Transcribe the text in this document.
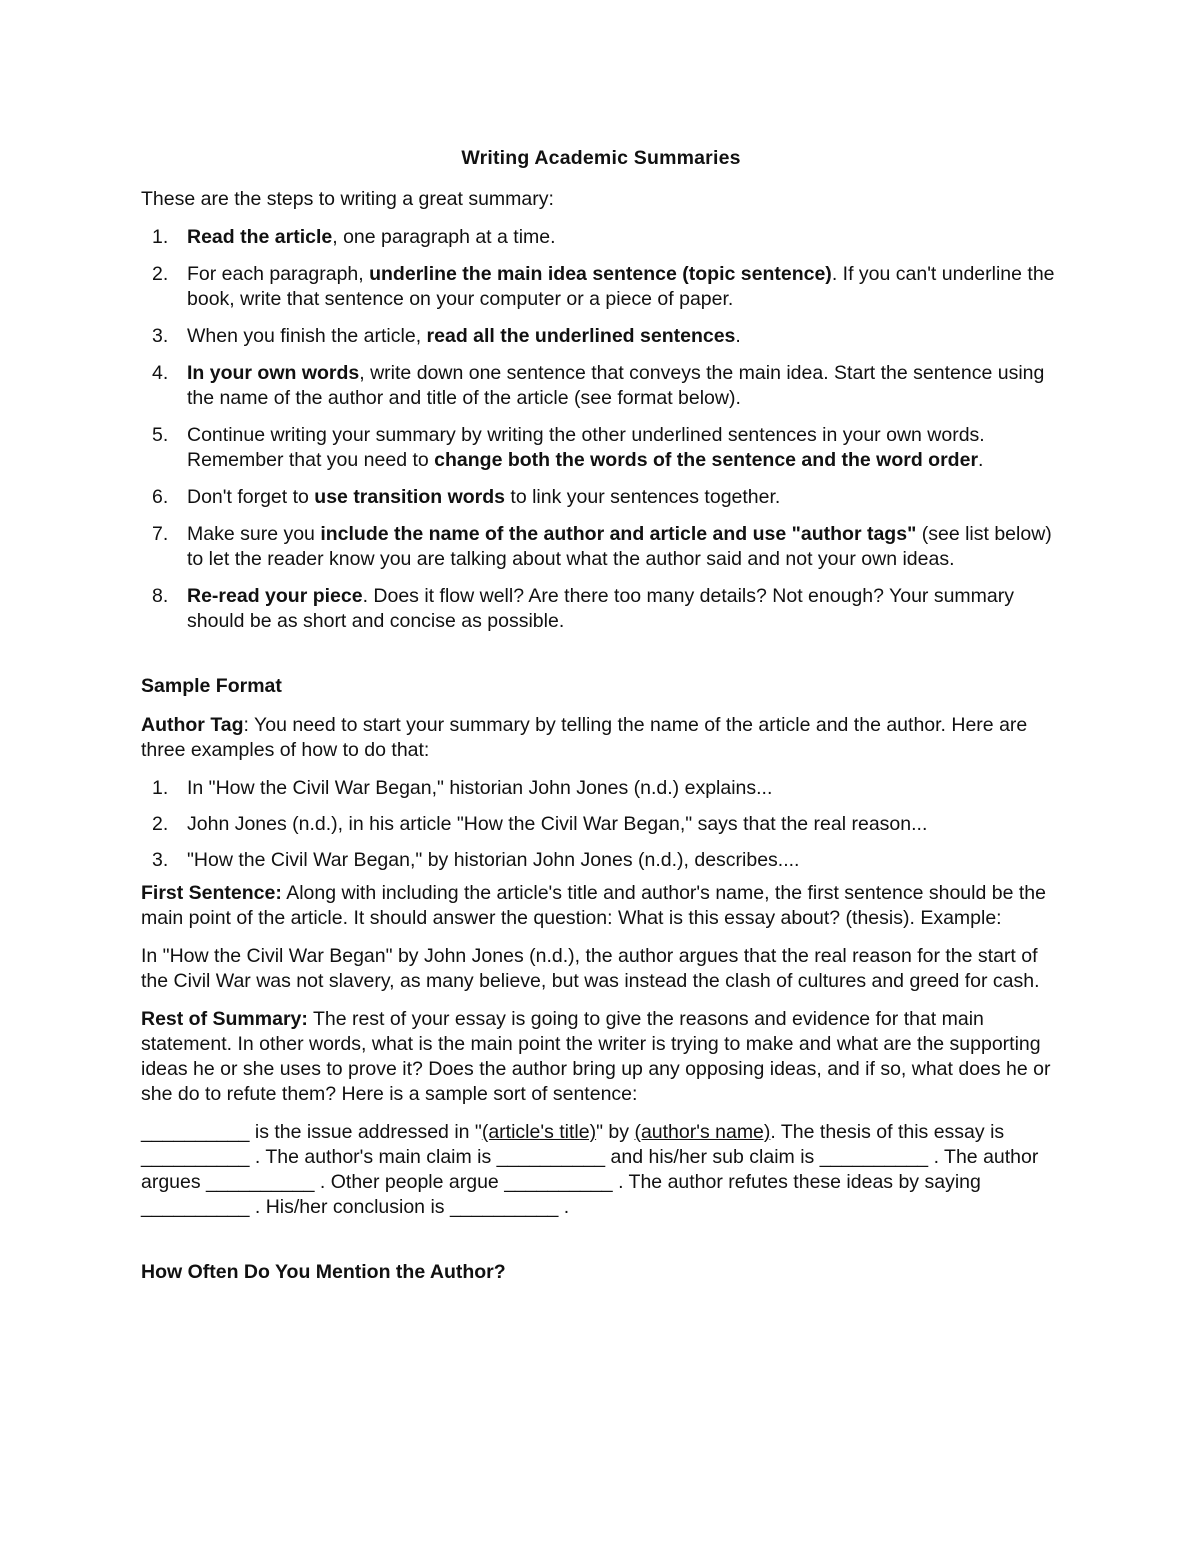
Writing Academic Summaries

These are the steps to writing a great summary:

1. Read the article, one paragraph at a time.
2. For each paragraph, underline the main idea sentence (topic sentence). If you can't underline the book, write that sentence on your computer or a piece of paper.
3. When you finish the article, read all the underlined sentences.
4. In your own words, write down one sentence that conveys the main idea. Start the sentence using the name of the author and title of the article (see format below).
5. Continue writing your summary by writing the other underlined sentences in your own words. Remember that you need to change both the words of the sentence and the word order.
6. Don't forget to use transition words to link your sentences together.
7. Make sure you include the name of the author and article and use "author tags" (see list below) to let the reader know you are talking about what the author said and not your own ideas.
8. Re-read your piece. Does it flow well? Are there too many details? Not enough? Your summary should be as short and concise as possible.

Sample Format

Author Tag: You need to start your summary by telling the name of the article and the author. Here are three examples of how to do that:

1. In "How the Civil War Began," historian John Jones (n.d.) explains...
2. John Jones (n.d.), in his article "How the Civil War Began," says that the real reason...
3. "How the Civil War Began," by historian John Jones (n.d.), describes....

First Sentence: Along with including the article's title and author's name, the first sentence should be the main point of the article. It should answer the question: What is this essay about? (thesis). Example:

In "How the Civil War Began" by John Jones (n.d.), the author argues that the real reason for the start of the Civil War was not slavery, as many believe, but was instead the clash of cultures and greed for cash.

Rest of Summary: The rest of your essay is going to give the reasons and evidence for that main statement. In other words, what is the main point the writer is trying to make and what are the supporting ideas he or she uses to prove it? Does the author bring up any opposing ideas, and if so, what does he or she do to refute them? Here is a sample sort of sentence:

__________ is the issue addressed in "(article's title)" by (author's name). The thesis of this essay is __________ . The author's main claim is __________ and his/her sub claim is __________ . The author argues __________ . Other people argue __________ . The author refutes these ideas by saying __________ . His/her conclusion is __________ .

How Often Do You Mention the Author?
